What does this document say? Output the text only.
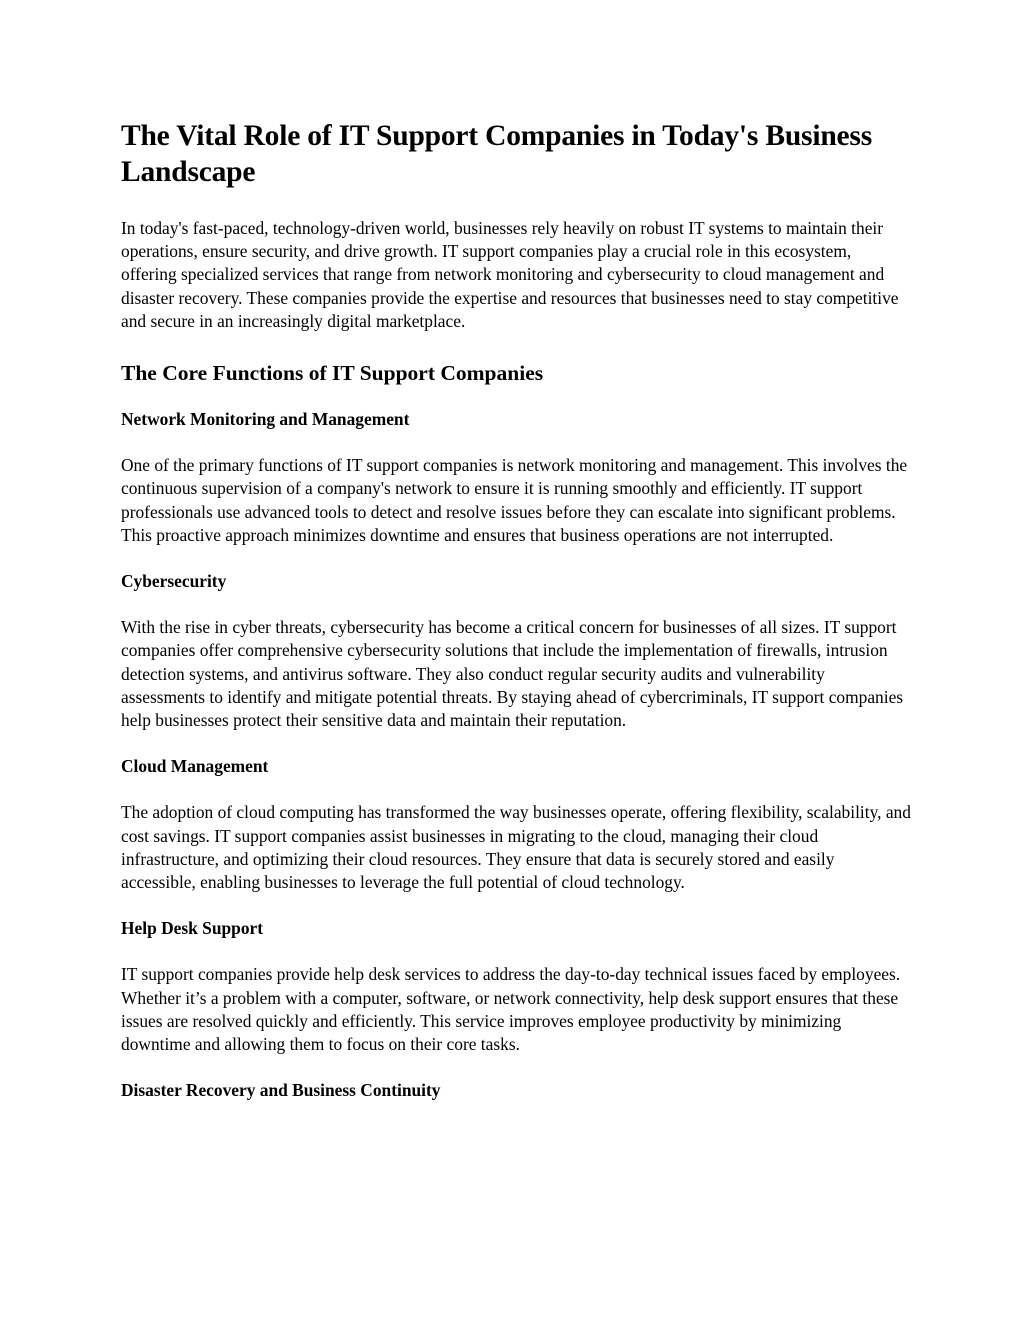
The Vital Role of IT Support Companies in Today's Business Landscape

In today's fast-paced, technology-driven world, businesses rely heavily on robust IT systems to maintain their operations, ensure security, and drive growth. IT support companies play a crucial role in this ecosystem, offering specialized services that range from network monitoring and cybersecurity to cloud management and disaster recovery. These companies provide the expertise and resources that businesses need to stay competitive and secure in an increasingly digital marketplace.

The Core Functions of IT Support Companies
Network Monitoring and Management

One of the primary functions of IT support companies is network monitoring and management. This involves the continuous supervision of a company's network to ensure it is running smoothly and efficiently. IT support professionals use advanced tools to detect and resolve issues before they can escalate into significant problems. This proactive approach minimizes downtime and ensures that business operations are not interrupted.

Cybersecurity

With the rise in cyber threats, cybersecurity has become a critical concern for businesses of all sizes. IT support companies offer comprehensive cybersecurity solutions that include the implementation of firewalls, intrusion detection systems, and antivirus software. They also conduct regular security audits and vulnerability assessments to identify and mitigate potential threats. By staying ahead of cybercriminals, IT support companies help businesses protect their sensitive data and maintain their reputation.

Cloud Management

The adoption of cloud computing has transformed the way businesses operate, offering flexibility, scalability, and cost savings. IT support companies assist businesses in migrating to the cloud, managing their cloud infrastructure, and optimizing their cloud resources. They ensure that data is securely stored and easily accessible, enabling businesses to leverage the full potential of cloud technology.

Help Desk Support

IT support companies provide help desk services to address the day-to-day technical issues faced by employees. Whether it’s a problem with a computer, software, or network connectivity, help desk support ensures that these issues are resolved quickly and efficiently. This service improves employee productivity by minimizing downtime and allowing them to focus on their core tasks.

Disaster Recovery and Business Continuity
